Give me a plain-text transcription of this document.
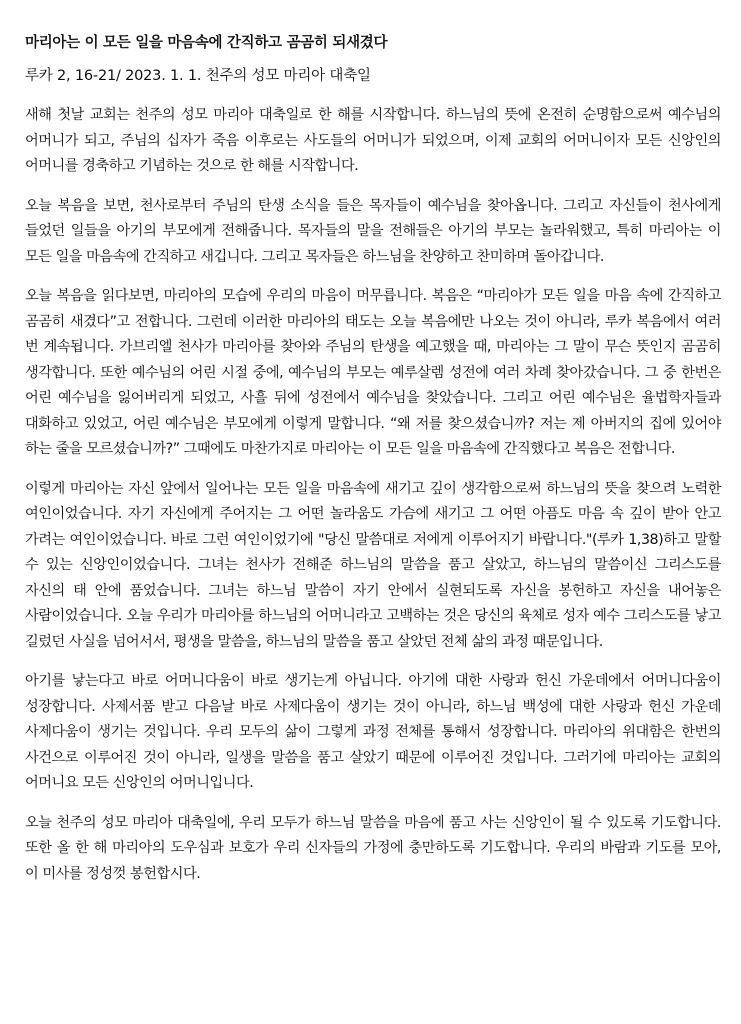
마리아는 이 모든 일을 마음속에 간직하고 곰곰히 되새겼다
루카 2, 16-21/ 2023. 1. 1. 천주의 성모 마리아 대축일

새해 첫날 교회는 천주의 성모 마리아 대축일로 한 해를 시작합니다. 하느님의 뜻에 온전히 순명함으로써 예수님의 어머니가 되고, 주님의 십자가 죽음 이후로는 사도들의 어머니가 되었으며, 이제 교회의 어머니이자 모든 신앙인의 어머니를 경축하고 기념하는 것으로 한 해를 시작합니다.

오늘 복음을 보면, 천사로부터 주님의 탄생 소식을 들은 목자들이 예수님을 찾아옵니다. 그리고 자신들이 천사에게 들었던 일들을 아기의 부모에게 전해줍니다. 목자들의 말을 전해들은 아기의 부모는 놀라워했고, 특히 마리아는 이 모든 일을 마음속에 간직하고 새깁니다. 그리고 목자들은 하느님을 찬양하고 찬미하며 돌아갑니다.

오늘 복음을 읽다보면, 마리아의 모습에 우리의 마음이 머무릅니다. 복음은 “마리아가 모든 일을 마음 속에 간직하고 곰곰히 새겼다”고 전합니다. 그런데 이러한 마리아의 태도는 오늘 복음에만 나오는 것이 아니라, 루카 복음에서 여러 번 계속됩니다. 가브리엘 천사가 마리아를 찾아와 주님의 탄생을 예고했을 때, 마리아는 그 말이 무슨 뜻인지 곰곰히 생각합니다. 또한 예수님의 어린 시절 중에, 예수님의 부모는 예루살렘 성전에 여러 차례 찾아갔습니다. 그 중 한번은 어린 예수님을 잃어버리게 되었고, 사흘 뒤에 성전에서 예수님을 찾았습니다. 그리고 어린 예수님은 율법학자들과 대화하고 있었고, 어린 예수님은 부모에게 이렇게 말합니다. “왜 저를 찾으셨습니까? 저는 제 아버지의 집에 있어야 하는 줄을 모르셨습니까?” 그때에도 마찬가지로 마리아는 이 모든 일을 마음속에 간직했다고 복음은 전합니다.

이렇게 마리아는 자신 앞에서 일어나는 모든 일을 마음속에 새기고 깊이 생각함으로써 하느님의 뜻을 찾으려 노력한 여인이었습니다. 자기 자신에게 주어지는 그 어떤 놀라움도 가슴에 새기고 그 어떤 아픔도 마음 속 깊이 받아 안고 가려는 여인이었습니다. 바로 그런 여인이었기에 "당신 말씀대로 저에게 이루어지기 바랍니다."(루카 1,38)하고 말할 수 있는 신앙인이었습니다. 그녀는 천사가 전해준 하느님의 말씀을 품고 살았고, 하느님의 말씀이신 그리스도를 자신의 태 안에 품었습니다. 그녀는 하느님 말씀이 자기 안에서 실현되도록 자신을 봉헌하고 자신을 내어놓은 사람이었습니다. 오늘 우리가 마리아를 하느님의 어머니라고 고백하는 것은 당신의 육체로 성자 예수 그리스도를 낳고 길렀던 사실을 넘어서서, 평생을 말씀을, 하느님의 말씀을 품고 살았던 전체 삶의 과정 때문입니다.

아기를 낳는다고 바로 어머니다움이 바로 생기는게 아닙니다. 아기에 대한 사랑과 헌신 가운데에서 어머니다움이 성장합니다. 사제서품 받고 다음날 바로 사제다움이 생기는 것이 아니라, 하느님 백성에 대한 사랑과 헌신 가운데 사제다움이 생기는 것입니다. 우리 모두의 삶이 그렇게 과정 전체를 통해서 성장합니다. 마리아의 위대함은 한번의 사건으로 이루어진 것이 아니라, 일생을 말씀을 품고 살았기 때문에 이루어진 것입니다. 그러기에 마리아는 교회의 어머니요 모든 신앙인의 어머니입니다.

오늘 천주의 성모 마리아 대축일에, 우리 모두가 하느님 말씀을 마음에 품고 사는 신앙인이 될 수 있도록 기도합니다. 또한 올 한 해 마리아의 도우심과 보호가 우리 신자들의 가정에 충만하도록 기도합니다. 우리의 바람과 기도를 모아, 이 미사를 정성껏 봉헌합시다.
